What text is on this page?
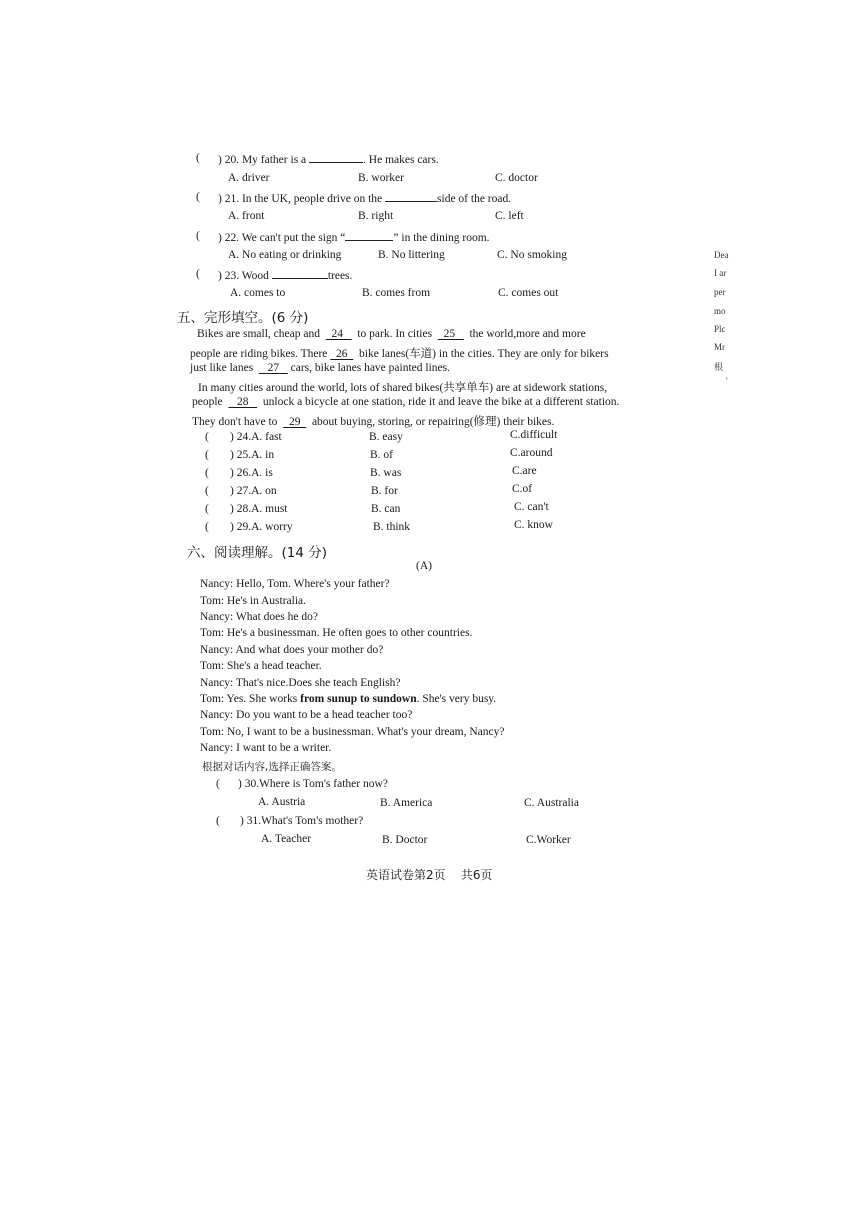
( ) 20. My father is a	. He makes cars.
A. driver	B. worker	C. doctor
( ) 21. In the UK, people drive on the	side of the road.
A. front	B. right	C. left
( ) 22. We can't put the sign “	” in the dining room.
A. No eating or drinking	B. No littering	C. No smoking
( ) 23. Wood	trees.
A. comes to	B. comes from	C. comes out
五、完形填空。(6 分)
Bikes are small, cheap and 24 to park. In cities 25 the world,more and more
people are riding bikes. There 26 bike lanes(车道) in the cities. They are only for bikers
just like lanes 27 cars, bike lanes have painted lines.
In many cities around the world, lots of shared bikes(共享单车) are at sidework stations,
people 28 unlock a bicycle at one station, ride it and leave the bike at a different station.
They don't have to 29 about buying, storing, or repairing(修理) their bikes.
( ) 24.A. fast	B. easy	C.difficult
( ) 25.A. in	B. of	C.around
( ) 26.A. is	B. was	C.are
( ) 27.A. on	B. for	C.of
( ) 28.A. must	B. can	C. can't
( ) 29.A. worry	B. think	C. know
六、阅读理解。(14 分)
(A)
Nancy: Hello, Tom. Where's your father?
Tom: He's in Australia.
Nancy: What does he do?
Tom: He's a businessman. He often goes to other countries.
Nancy: And what does your mother do?
Tom: She's a head teacher.
Nancy: That's nice.Does she teach English?
Tom: Yes. She works from sunup to sundown. She's very busy.
Nancy: Do you want to be a head teacher too?
Tom: No, I want to be a businessman. What's your dream, Nancy?
Nancy: I want to be a writer.
根据对话内容,选择正确答案。
( ) 30.Where is Tom's father now?
A. Austria	B. America	C. Australia
( ) 31.What's Tom's mother?
A. Teacher	B. Doctor	C.Worker
英语试卷第2页    共6页
Dea
I ar
per
mo
Plc
Mr
根
'
